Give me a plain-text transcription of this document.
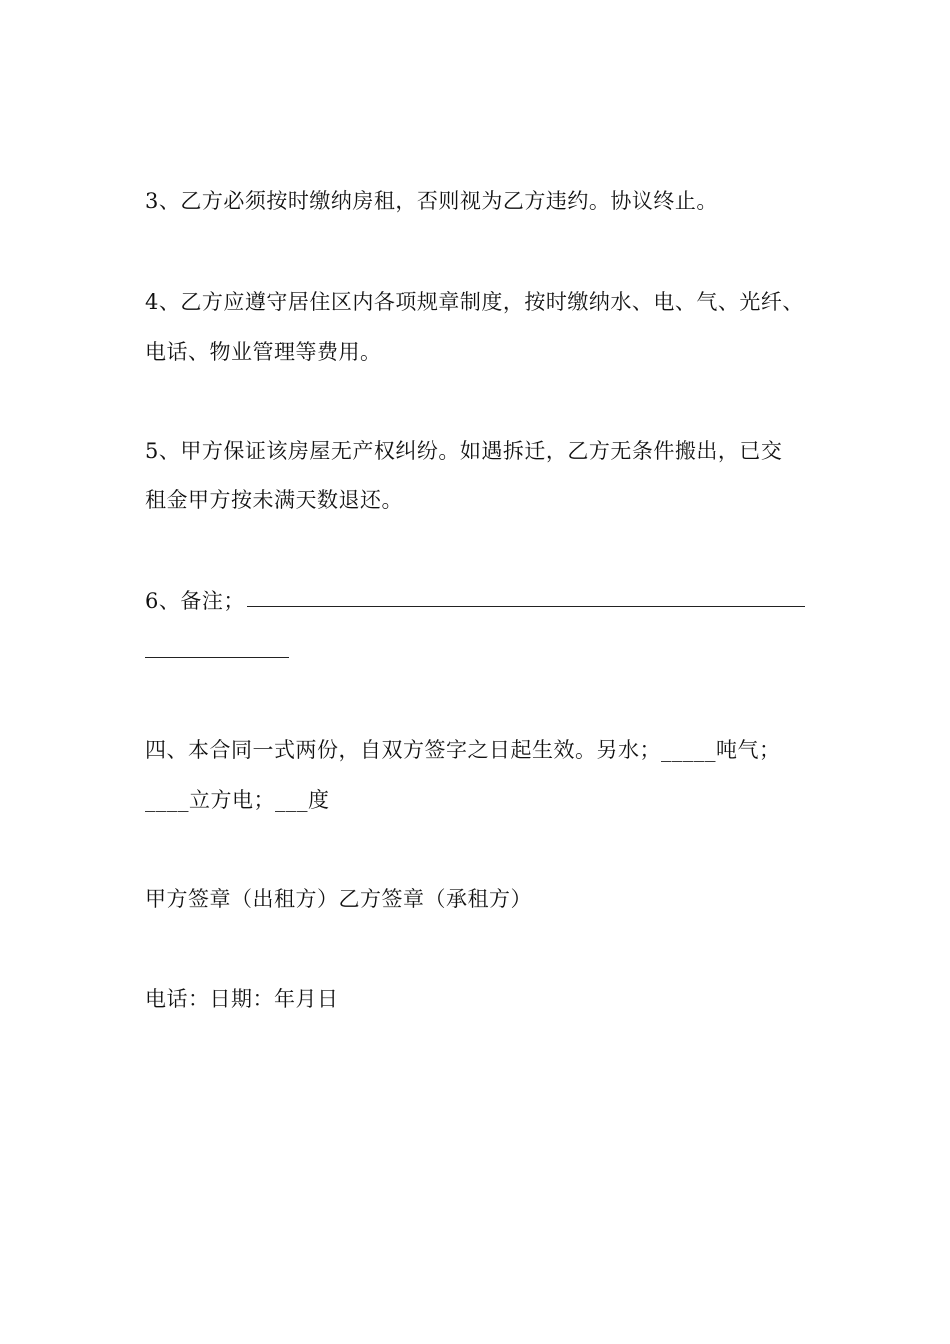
3、乙方必须按时缴纳房租，否则视为乙方违约。协议终止。
4、乙方应遵守居住区内各项规章制度，按时缴纳水、电、气、光纤、
电话、物业管理等费用。
5、甲方保证该房屋无产权纠纷。如遇拆迁，乙方无条件搬出，已交
租金甲方按未满天数退还。
6、备注；
四、本合同一式两份，自双方签字之日起生效。另水；_____吨气；
____立方电；___度
甲方签章（出租方）乙方签章（承租方）
电话：日期：年月日
